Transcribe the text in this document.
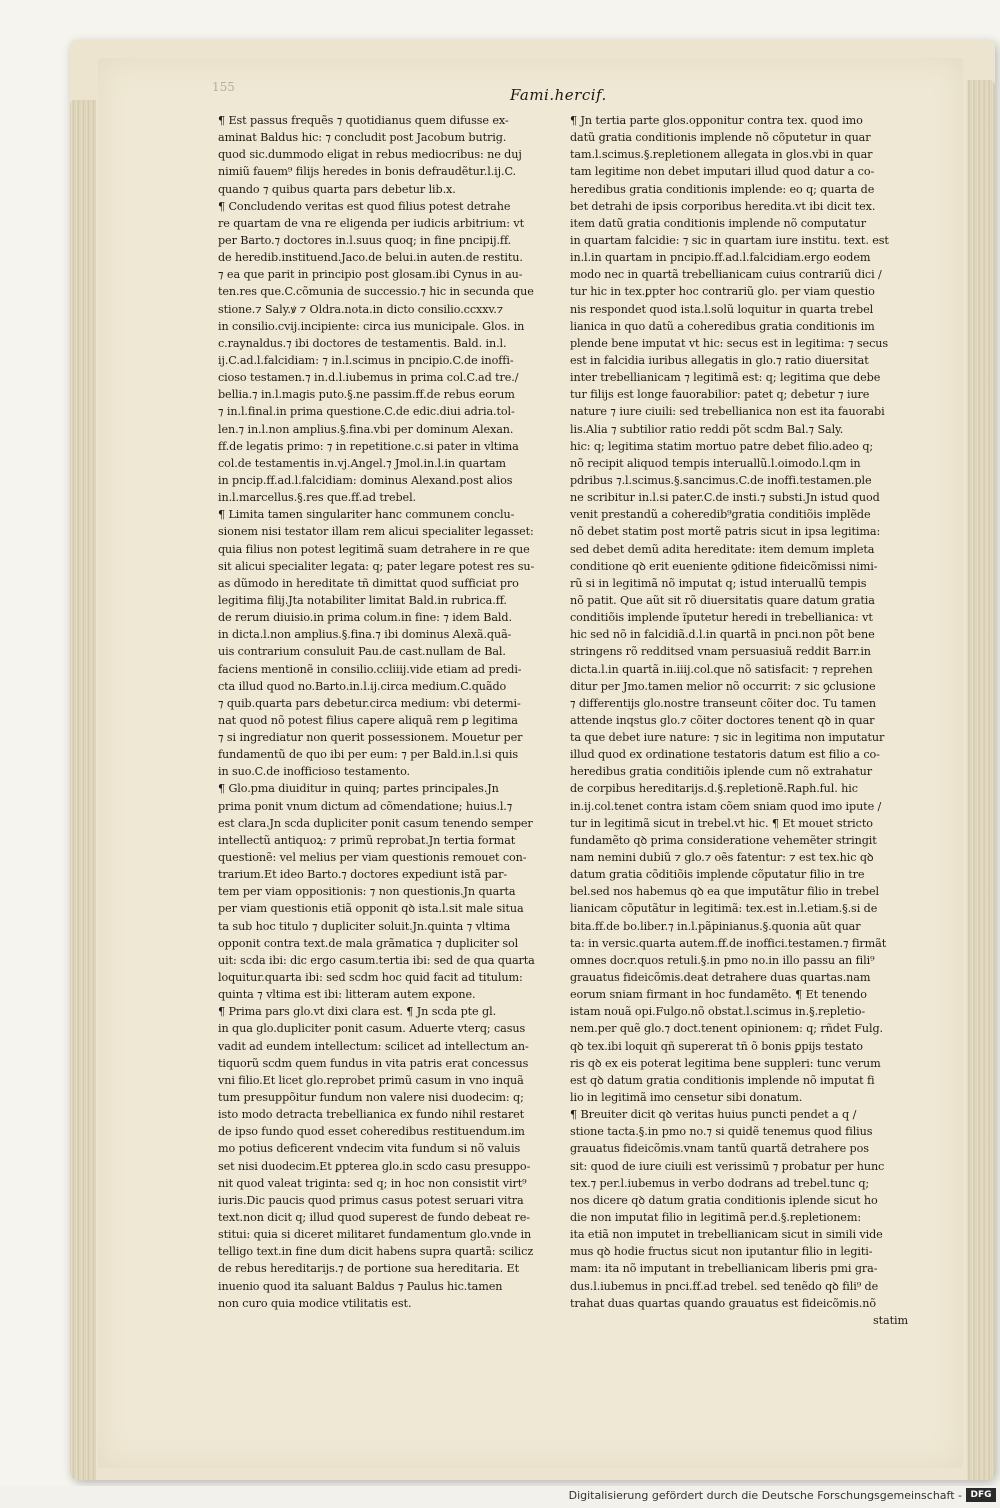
155	Fami.hercif.
¶ Est passus frequẽs ⁊ quotidianus quem difusse ex-
aminat Baldus hic: ⁊ concludit post Jacobum butrig.
quod sic.dummodo eligat in rebus mediocribus: ne duj
nimiũ fauem⁹ filijs heredes in bonis defraudẽtur.l.ij.C.
quando ⁊ quibus quarta pars debetur lib.x.
¶ Concludendo veritas est quod filius potest detrahe
re quartam de vna re eligenda per iudicis arbitrium: vt
per Barto.⁊ doctores in.l.suus quoq; in fine pncipij.ff.
de heredib.instituend.Jaco.de belui.in auten.de restitu.
⁊ ea que parit in principio post glosam.ibi Cynus in au-
ten.res que.C.cõmunia de successio.⁊ hic in secunda que
stione.⁊ Saly.ꝟ ⁊ Oldra.nota.in dicto consilio.ccxxv.⁊
in consilio.cvij.incipiente: circa ius municipale. Glos. in
c.raynaldus.⁊ ibi doctores de testamentis. Bald. in.l.
ij.C.ad.l.falcidiam: ⁊ in.l.scimus in pncipio.C.de inoffi-
cioso testamen.⁊ in.d.l.iubemus in prima col.C.ad tre./
bellia.⁊ in.l.magis puto.§.ne passim.ff.de rebus eorum
⁊ in.l.final.in prima questione.C.de edic.diui adria.tol-
len.⁊ in.l.non amplius.§.fina.vbi per dominum Alexan.
ff.de legatis primo: ⁊ in repetitione.c.si pater in vltima
col.de testamentis in.vj.Angel.⁊ Jmol.in.l.in quartam
in pncip.ff.ad.l.falcidiam: dominus Alexand.post alios
in.l.marcellus.§.res que.ff.ad trebel.
¶ Limita tamen singulariter hanc communem conclu-
sionem nisi testator illam rem alicui specialiter legasset:
quia filius non potest legitimã suam detrahere in re que
sit alicui specialiter legata: q; pater legare potest res su-
as dũmodo in hereditate tñ dimittat quod sufficiat pro
legitima filij.Jta notabiliter limitat Bald.in rubrica.ff.
de rerum diuisio.in prima colum.in fine: ⁊ idem Bald.
in dicta.l.non amplius.§.fina.⁊ ibi dominus Alexã.quã-
uis contrarium consuluit Pau.de cast.nullam de Bal.
faciens mentionẽ in consilio.ccliiij.vide etiam ad predi-
cta illud quod no.Barto.in.l.ij.circa medium.C.quãdo
⁊ quib.quarta pars debetur.circa medium: vbi determi-
nat quod nõ potest filius capere aliquã rem ꝑ legitima
⁊ si ingrediatur non querit possessionem. Mouetur per
fundamentũ de quo ibi per eum: ⁊ per Bald.in.l.si quis
in suo.C.de inofficioso testamento.
¶ Glo.pma diuiditur in quinq; partes principales.Jn
prima ponit vnum dictum ad cõmendatione; huius.l.⁊
est clara.Jn scda dupliciter ponit casum tenendo semper
intellectũ antiquoꝝ: ⁊ primũ reprobat.Jn tertia format
questionẽ: vel melius per viam questionis remouet con-
trarium.Et ideo Barto.⁊ doctores expediunt istã par-
tem per viam oppositionis: ⁊ non questionis.Jn quarta
per viam questionis etiã opponit qꝺ ista.l.sit male situa
ta sub hoc titulo ⁊ dupliciter soluit.Jn.quinta ⁊ vltima
opponit contra text.de mala grãmatica ⁊ dupliciter sol
uit: scda ibi: dic ergo casum.tertia ibi: sed de qua quarta
loquitur.quarta ibi: sed scdm hoc quid facit ad titulum:
quinta ⁊ vltima est ibi: litteram autem expone.
¶ Prima pars glo.vt dixi clara est. ¶ Jn scda pte gl.
in qua glo.dupliciter ponit casum. Aduerte vterq; casus
vadit ad eundem intellectum: scilicet ad intellectum an-
tiquorũ scdm quem fundus in vita patris erat concessus
vni filio.Et licet glo.reprobet primũ casum in vno inquã
tum presuppõitur fundum non valere nisi duodecim: q;
isto modo detracta trebellianica ex fundo nihil restaret
de ipso fundo quod esset coheredibus restituendum.im
mo potius deficerent vndecim vita fundum si nõ valuis
set nisi duodecim.Et ꝑpterea glo.in scdo casu presuppo-
nit quod valeat triginta: sed q; in hoc non consistit virt⁹
iuris.Dic paucis quod primus casus potest seruari vitra
text.non dicit q; illud quod superest de fundo debeat re-
stitui: quia si diceret militaret fundamentum glo.vnde in
telligo text.in fine dum dicit habens supra quartã: scilicz
de rebus hereditarijs.⁊ de portione sua hereditaria. Et
inuenio quod ita saluant Baldus ⁊ Paulus hic.tamen
non curo quia modice vtilitatis est.
¶ Jn tertia parte glos.opponitur contra tex. quod imo
datũ gratia conditionis implende nõ cõputetur in quar
tam.l.scimus.§.repletionem allegata in glos.vbi in quar
tam legitime non debet imputari illud quod datur a co-
heredibus gratia conditionis implende: eo q; quarta de
bet detrahi de ipsis corporibus heredita.vt ibi dicit tex.
item datũ gratia conditionis implende nõ computatur
in quartam falcidie: ⁊ sic in quartam iure institu. text. est
in.l.in quartam in pncipio.ff.ad.l.falcidiam.ergo eodem
modo nec in quartã trebellianicam cuius contrariũ dici /
tur hic in tex.ꝑpter hoc contrariũ glo. per viam questio
nis respondet quod ista.l.solũ loquitur in quarta trebel
lianica in quo datũ a coheredibus gratia conditionis im
plende bene imputat vt hic: secus est in legitima: ⁊ secus
est in falcidia iuribus allegatis in glo.⁊ ratio diuersitat
inter trebellianicam ⁊ legitimã est: q; legitima que debe
tur filijs est longe fauorabilior: patet q; debetur ⁊ iure
nature ⁊ iure ciuili: sed trebellianica non est ita fauorabi
lis.Alia ⁊ subtilior ratio reddi põt scdm Bal.⁊ Saly.
hic: q; legitima statim mortuo patre debet filio.adeo q;
nõ recipit aliquod tempis interuallũ.l.oimodo.l.qm in
pdribus ⁊.l.scimus.§.sancimus.C.de inoffi.testamen.ple
ne scribitur in.l.si pater.C.de insti.⁊ substi.Jn istud quod
venit prestandũ a coheredib⁹gratia conditiõis implẽde
nõ debet statim post mortẽ patris sicut in ipsa legitima:
sed debet demũ adita hereditate: item demum impleta
conditione qꝺ erit eueniente ꝯditione fideicõmissi nimi-
rũ si in legitimã nõ imputat q; istud interuallũ tempis
nõ patit. Que aũt sit rõ diuersitatis quare datum gratia
conditiõis implende ĩputetur heredi in trebellianica: vt
hic sed nõ in falcidiã.d.l.in quartã in pnci.non põt bene
stringens rõ redditsed vnam persuasiuã reddit Barr.in
dicta.l.in quartã in.iiij.col.que nõ satisfacit: ⁊ reprehen
ditur per Jmo.tamen melior nõ occurrit: ⁊ sic ꝯclusione
⁊ differentijs glo.nostre transeunt cõiter doc. Tu tamen
attende inqstus glo.⁊ cõiter doctores tenent qꝺ in quar
ta que debet iure nature: ⁊ sic in legitima non imputatur
illud quod ex ordinatione testatoris datum est filio a co-
heredibus gratia conditiõis iplende cum nõ extrahatur
de corpibus hereditarijs.d.§.repletionẽ.Raph.ful. hic
in.ij.col.tenet contra istam cõem sniam quod imo ipute /
tur in legitimã sicut in trebel.vt hic. ¶ Et mouet stricto
fundamẽto qꝺ prima consideratione vehemẽter stringit
nam nemini dubiũ ⁊ glo.⁊ oẽs fatentur: ⁊ est tex.hic qꝺ
datum gratia cõditiõis implende cõputatur filio in tre
bel.sed nos habemus qꝺ ea que imputãtur filio in trebel
lianicam cõputãtur in legitimã: tex.est in.l.etiam.§.si de
bita.ff.de bo.liber.⁊ in.l.pãpinianus.§.quonia aũt quar
ta: in versic.quarta autem.ff.de inoffici.testamen.⁊ firmãt
omnes docr.quos retuli.§.in pmo no.in illo passu an fili⁹
grauatus fideicõmis.deat detrahere duas quartas.nam
eorum sniam firmant in hoc fundamẽto. ¶ Et tenendo
istam nouã opi.Fulgo.nõ obstat.l.scimus in.§.repletio-
nem.per quẽ glo.⁊ doct.tenent opinionem: q; rñdet Fulg.
qꝺ tex.ibi loquit qñ supererat tñ õ bonis ꝑpijs testato
ris qꝺ ex eis poterat legitima bene suppleri: tunc verum
est qꝺ datum gratia conditionis implende nõ imputat fi
lio in legitimã imo censetur sibi donatum.
¶ Breuiter dicit qꝺ veritas huius puncti pendet a q /
stione tacta.§.in pmo no.⁊ si quidẽ tenemus quod filius
grauatus fideicõmis.vnam tantũ quartã detrahere pos
sit: quod de iure ciuili est verissimũ ⁊ probatur per hunc
tex.⁊ per.l.iubemus in verbo dodrans ad trebel.tunc q;
nos dicere qꝺ datum gratia conditionis iplende sicut ho
die non imputat filio in legitimã per.d.§.repletionem:
ita etiã non imputet in trebellianicam sicut in simili vide
mus qꝺ hodie fructus sicut non iputantur filio in legiti-
mam: ita nõ imputant in trebellianicam liberis pmi gra-
dus.l.iubemus in pnci.ff.ad trebel. sed tenẽdo qꝺ fili⁹ de
trahat duas quartas quando grauatus est fideicõmis.nõ
statim
Digitalisierung gefördert durch die Deutsche Forschungsgemeinschaft - DFG
